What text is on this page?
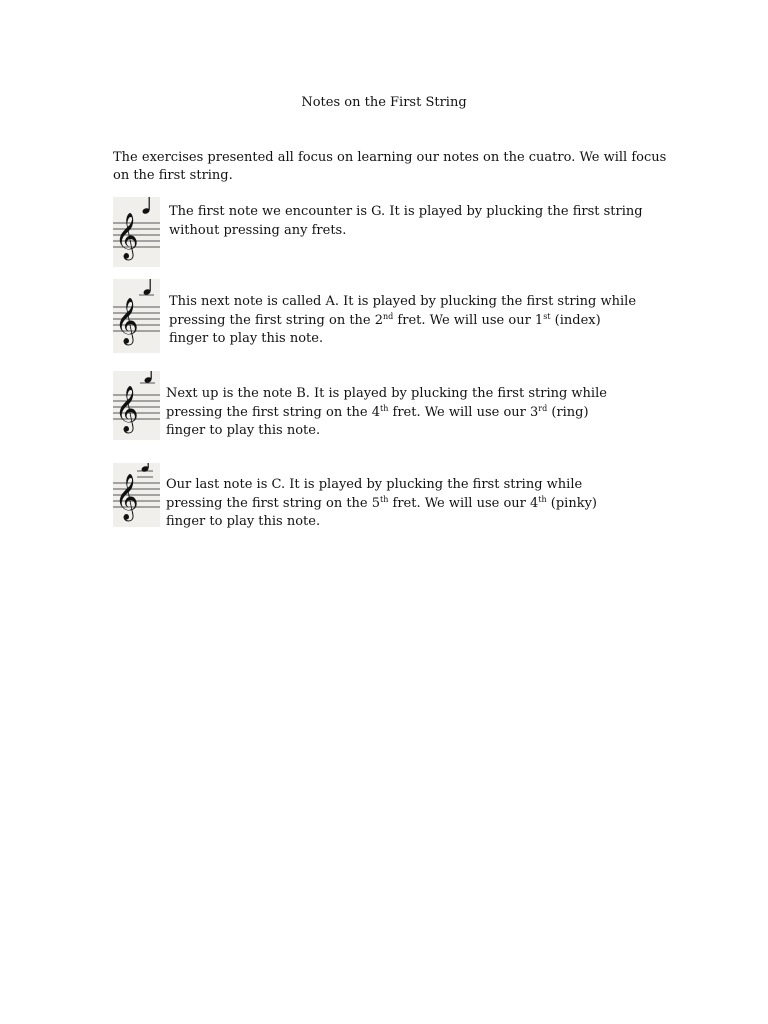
Notes on the First String
The exercises presented all focus on learning our notes on the cuatro. We will focus on the first string.
𝄞
The first note we encounter is G. It is played by plucking the first string
without pressing any frets.
𝄞 This next note is called A. It is played by plucking the first string while
pressing the first string on the 2nd fret. We will use our 1st (index)
finger to play this note.
𝄞 Next up is the note B. It is played by plucking the first string while
pressing the first string on the 4th fret. We will use our 3rd (ring)
finger to play this note.
𝄞 Our last note is C. It is played by plucking the first string while
pressing the first string on the 5th fret. We will use our 4th (pinky)
finger to play this note.
